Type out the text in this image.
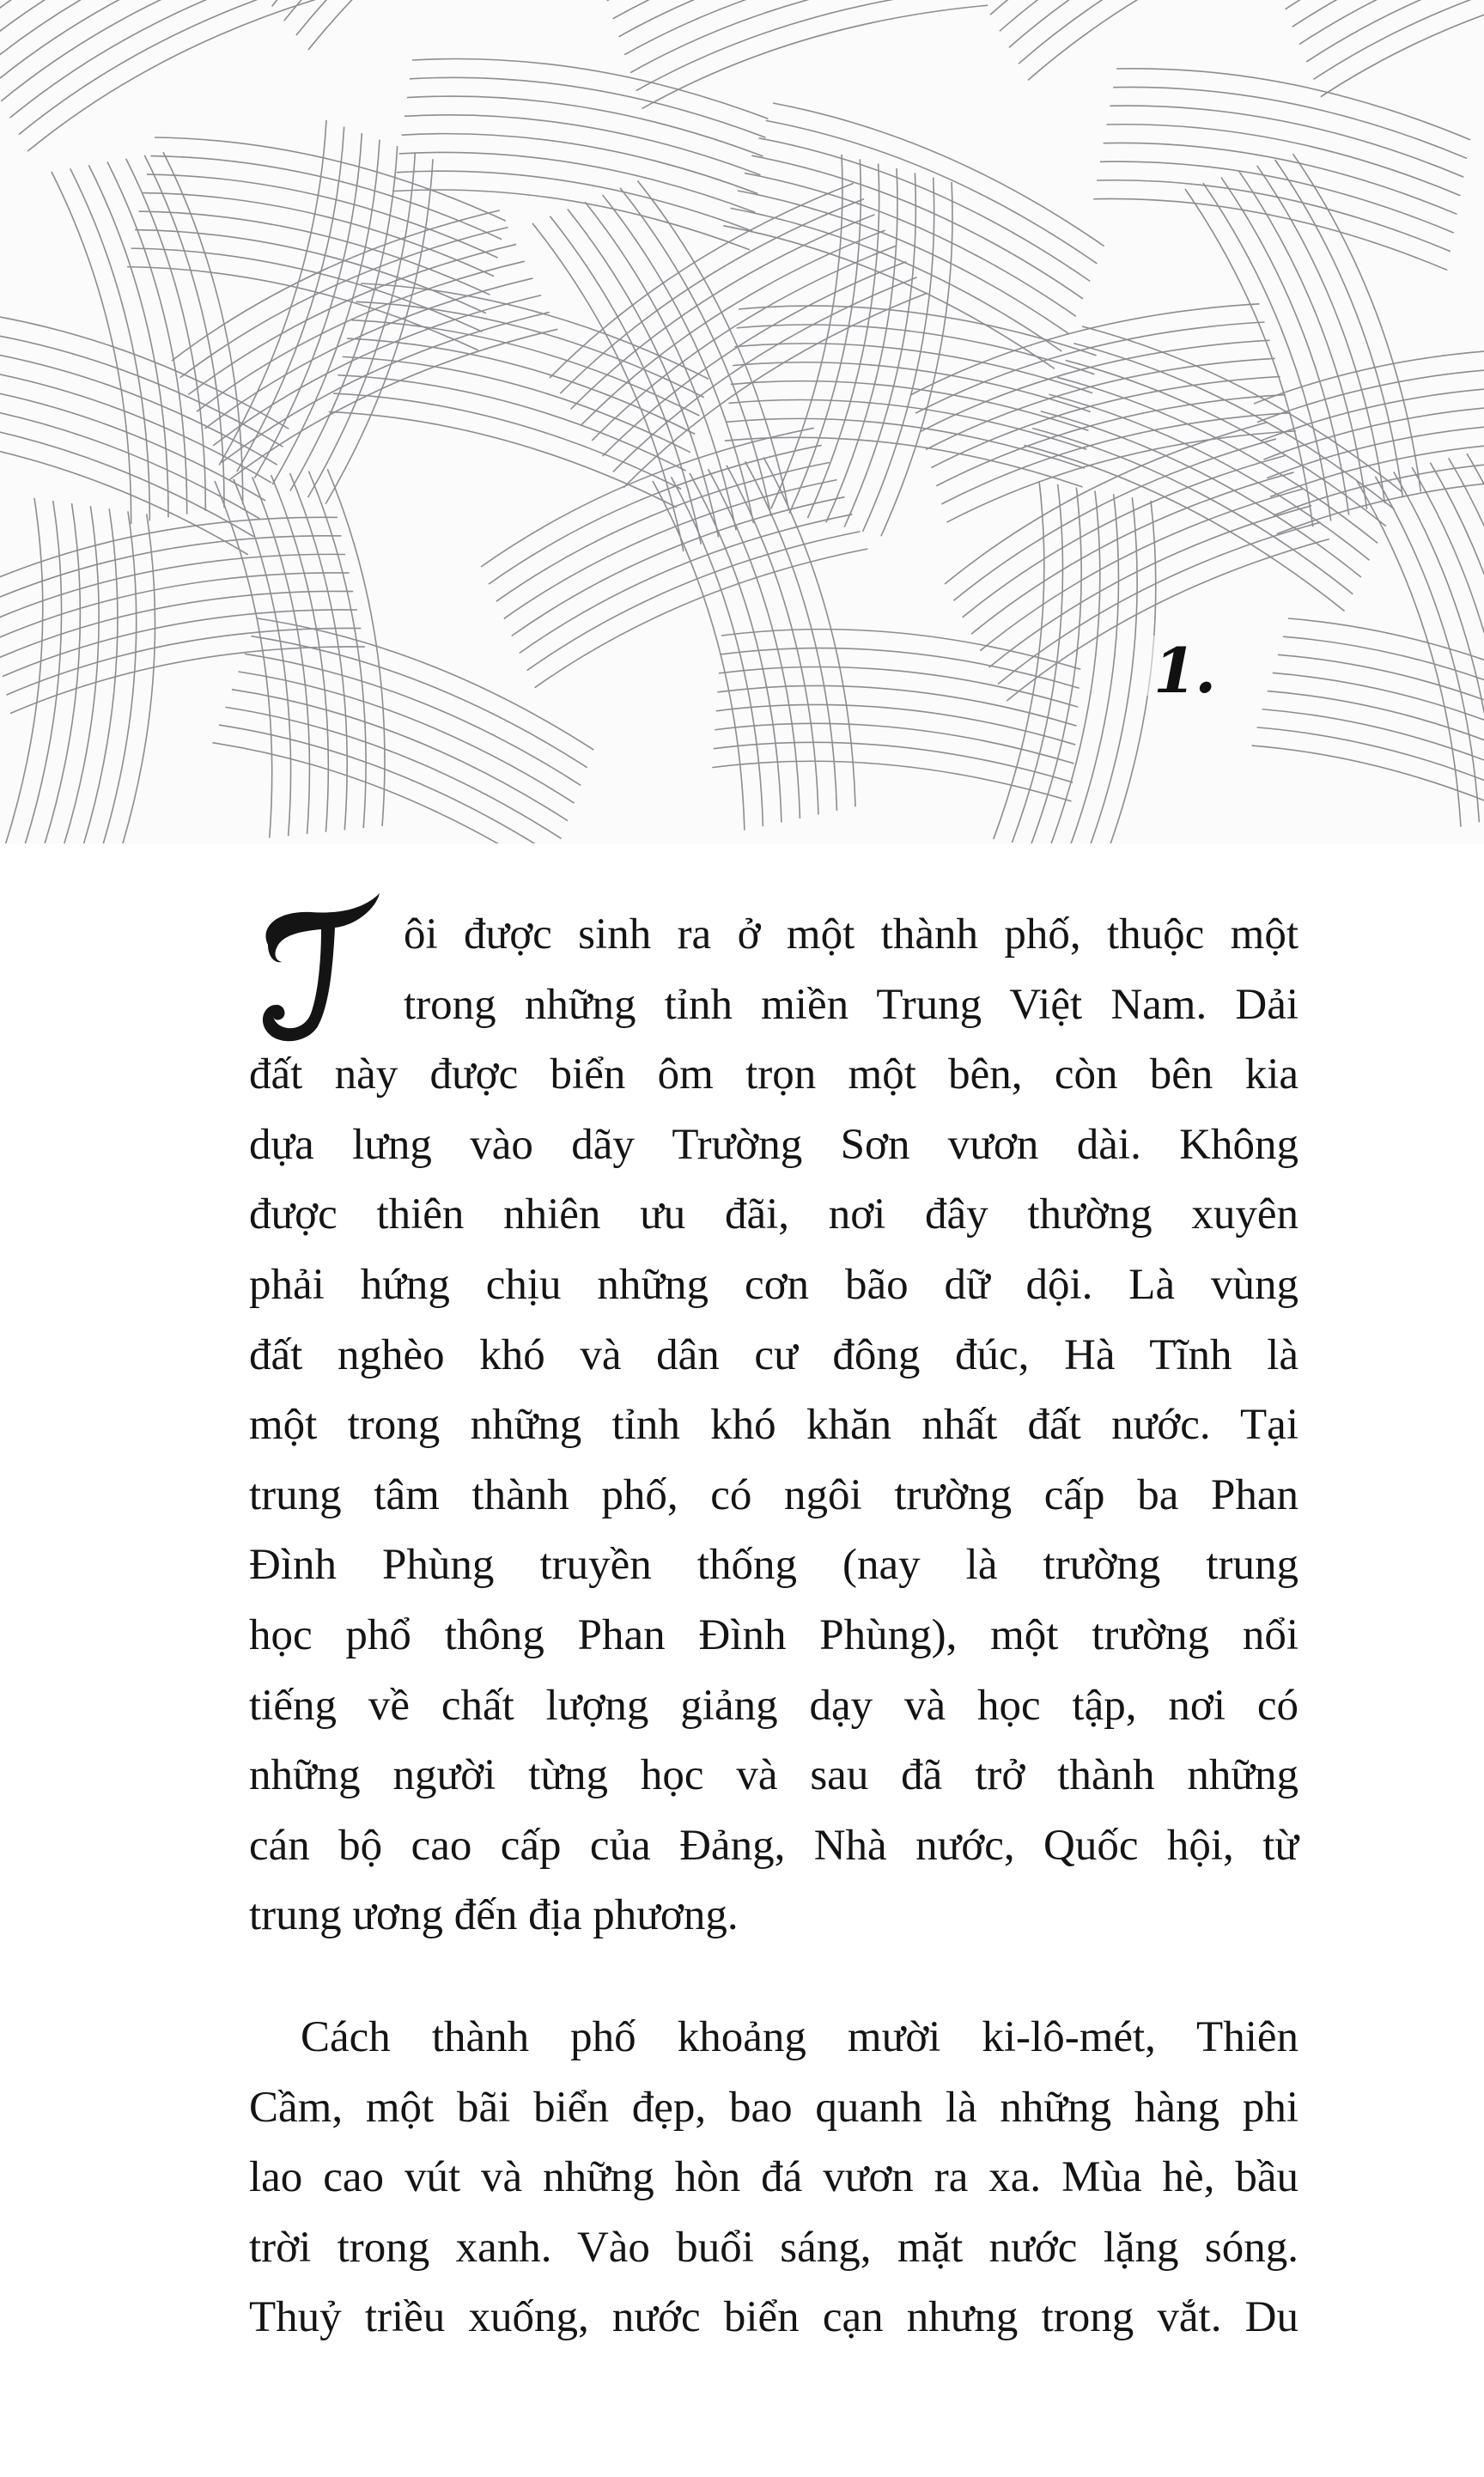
1.
ôi được sinh ra ở một thành phố, thuộc một
trong những tỉnh miền Trung Việt Nam. Dải
đất này được biển ôm trọn một bên, còn bên kia
dựa lưng vào dãy Trường Sơn vươn dài. Không
được thiên nhiên ưu đãi, nơi đây thường xuyên
phải hứng chịu những cơn bão dữ dội. Là vùng
đất nghèo khó và dân cư đông đúc, Hà Tĩnh là
một trong những tỉnh khó khăn nhất đất nước. Tại
trung tâm thành phố, có ngôi trường cấp ba Phan
Đình Phùng truyền thống (nay là trường trung
học phổ thông Phan Đình Phùng), một trường nổi
tiếng về chất lượng giảng dạy và học tập, nơi có
những người từng học và sau đã trở thành những
cán bộ cao cấp của Đảng, Nhà nước, Quốc hội, từ
trung ương đến địa phương.
Cách thành phố khoảng mười ki-lô-mét, Thiên
Cầm, một bãi biển đẹp, bao quanh là những hàng phi
lao cao vút và những hòn đá vươn ra xa. Mùa hè, bầu
trời trong xanh. Vào buổi sáng, mặt nước lặng sóng.
Thuỷ triều xuống, nước biển cạn nhưng trong vắt. Du
